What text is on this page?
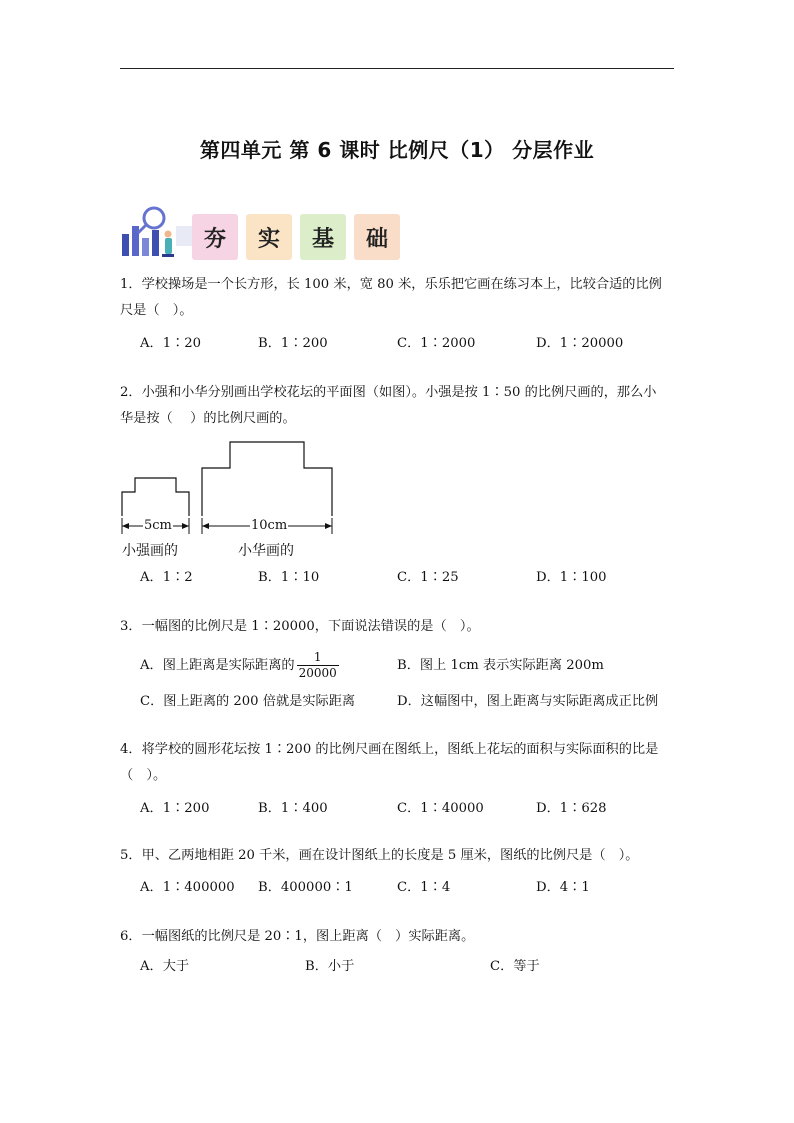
第四单元 第 6 课时 比例尺（1） 分层作业
夯 实 基 础
1．学校操场是一个长方形，长 100 米，宽 80 米，乐乐把它画在练习本上，比较合适的比例
尺是（　）。
A．1∶20	B．1∶200	C．1∶2000	D．1∶20000
2．小强和小华分别画出学校花坛的平面图（如图）。小强是按 1∶50 的比例尺画的，那么小
华是按（　 ）的比例尺画的。
5cm	10cm
小强画的	小华画的
A．1∶2	B．1∶10	C．1∶25	D．1∶100
3．一幅图的比例尺是 1∶20000，下面说法错误的是（　）。
A．图上距离是实际距离的 $\frac{1}{20000}$	B．图上 1cm 表示实际距离 200m
C．图上距离的 200 倍就是实际距离	D．这幅图中，图上距离与实际距离成正比例
4．将学校的圆形花坛按 1∶200 的比例尺画在图纸上，图纸上花坛的面积与实际面积的比是
（　）。
A．1∶200	B．1∶400	C．1∶40000	D．1∶628
5．甲、乙两地相距 20 千米，画在设计图纸上的长度是 5 厘米，图纸的比例尺是（　）。
A．1∶400000 B．400000∶1	C．1∶4	D．4∶1
6．一幅图纸的比例尺是 20∶1，图上距离（　）实际距离。
A．大于	B．小于	C．等于
